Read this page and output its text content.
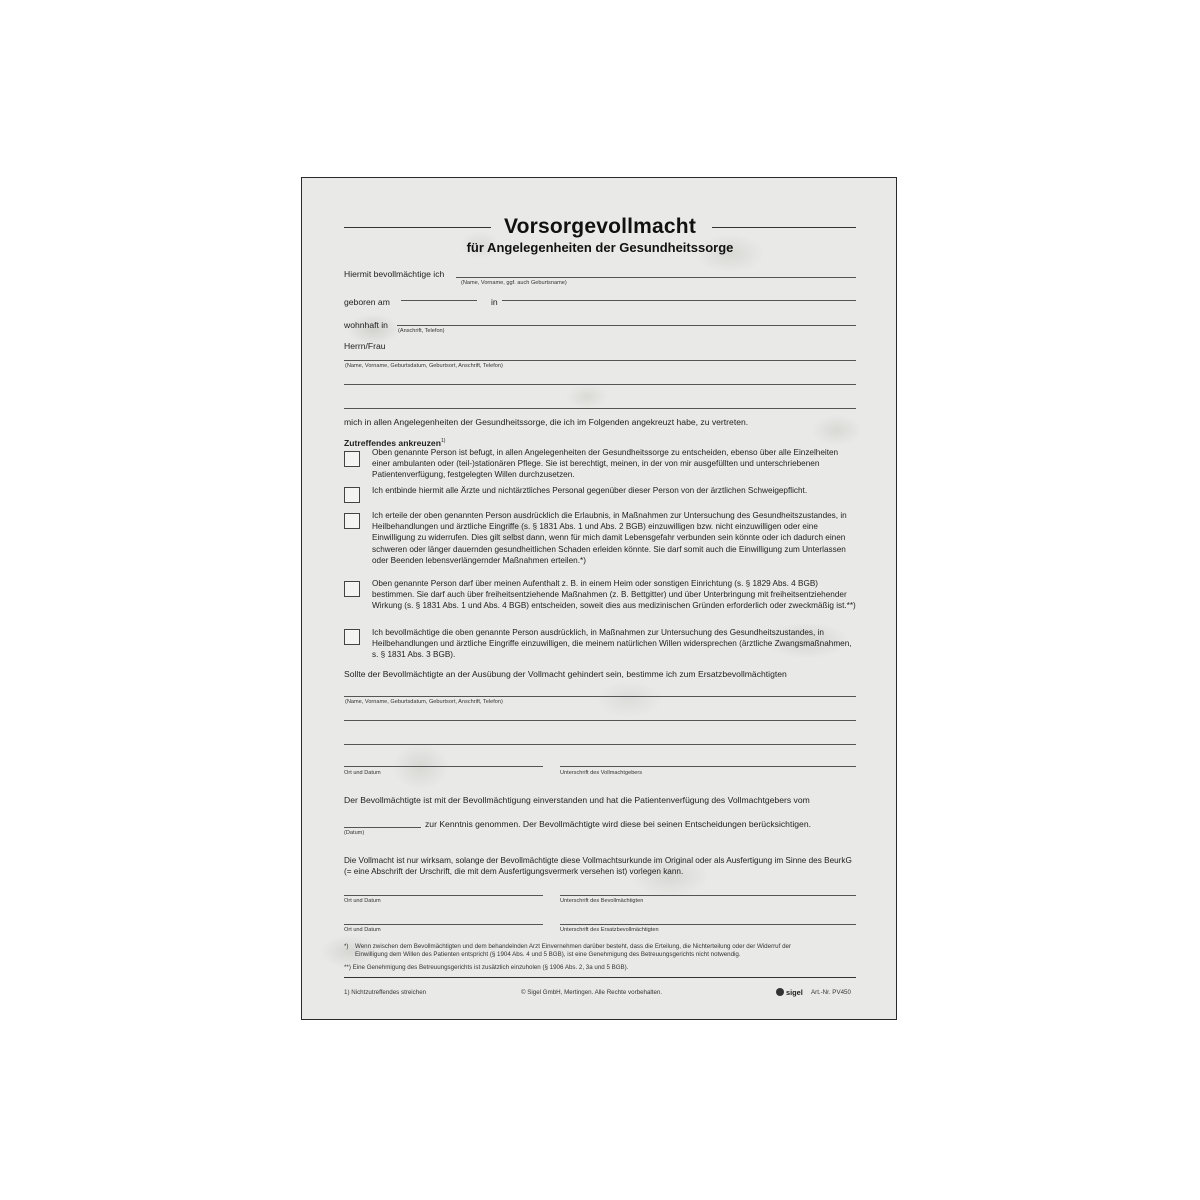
Vorsorgevollmacht
für Angelegenheiten der Gesundheitssorge
Hiermit bevollmächtige ich
(Name, Vorname, ggf. auch Geburtsname)
geboren am	in
wohnhaft in
(Anschrift, Telefon)
Herrn/Frau
(Name, Vorname, Geburtsdatum, Geburtsort, Anschrift, Telefon)
mich in allen Angelegenheiten der Gesundheitssorge, die ich im Folgenden angekreuzt habe, zu vertreten.
Zutreffendes ankreuzen$^{1)}$
Oben genannte Person ist befugt, in allen Angelegenheiten der Gesundheitssorge zu entscheiden, ebenso über alle Einzelheiten einer ambulanten oder (teil-)stationären Pflege. Sie ist berechtigt, meinen, in der von mir ausgefüllten und unterschriebenen Patientenverfügung, festgelegten Willen durchzusetzen.
Ich entbinde hiermit alle Ärzte und nichtärztliches Personal gegenüber dieser Person von der ärztlichen Schweigepflicht.
Ich erteile der oben genannten Person ausdrücklich die Erlaubnis, in Maßnahmen zur Untersuchung des Gesundheitszustandes, in Heilbehandlungen und ärztliche Eingriffe (s. § 1831 Abs. 1 und Abs. 2 BGB) einzuwilligen bzw. nicht einzuwilligen oder eine Einwilligung zu widerrufen. Dies gilt selbst dann, wenn für mich damit Lebensgefahr verbunden sein könnte oder ich dadurch einen schweren oder länger dauernden gesundheitlichen Schaden erleiden könnte. Sie darf somit auch die Einwilligung zum Unterlassen oder Beenden lebensverlängernder Maßnahmen erteilen.*)
Oben genannte Person darf über meinen Aufenthalt z. B. in einem Heim oder sonstigen Einrichtung (s. § 1829 Abs. 4 BGB) bestimmen. Sie darf auch über freiheitsentziehende Maßnahmen (z. B. Bettgitter) und über Unterbringung mit freiheitsentziehender Wirkung (s. § 1831 Abs. 1 und Abs. 4 BGB) entscheiden, soweit dies aus medizinischen Gründen erforderlich oder zweckmäßig ist.**)
Ich bevollmächtige die oben genannte Person ausdrücklich, in Maßnahmen zur Untersuchung des Gesundheitszustandes, in Heilbehandlungen und ärztliche Eingriffe einzuwilligen, die meinem natürlichen Willen widersprechen (ärztliche Zwangsmaßnahmen, s. § 1831 Abs. 3 BGB).
Sollte der Bevollmächtigte an der Ausübung der Vollmacht gehindert sein, bestimme ich zum Ersatzbevollmächtigten
(Name, Vorname, Geburtsdatum, Geburtsort, Anschrift, Telefon)
Ort und Datum	Unterschrift des Vollmachtgebers
Der Bevollmächtigte ist mit der Bevollmächtigung einverstanden und hat die Patientenverfügung des Vollmachtgebers vom
(Datum)
zur Kenntnis genommen. Der Bevollmächtigte wird diese bei seinen Entscheidungen berücksichtigen.
Die Vollmacht ist nur wirksam, solange der Bevollmächtigte diese Vollmachtsurkunde im Original oder als Ausfertigung im Sinne des BeurkG (= eine Abschrift der Urschrift, die mit dem Ausfertigungsvermerk versehen ist) vorlegen kann.
Ort und Datum	Unterschrift des Bevollmächtigten
Ort und Datum	Unterschrift des Ersatzbevollmächtigten
*)	Wenn zwischen dem Bevollmächtigten und dem behandelnden Arzt Einvernehmen darüber besteht, dass die Erteilung, die Nichterteilung oder der Widerruf der Einwilligung dem Willen des Patienten entspricht (§ 1904 Abs. 4 und 5 BGB), ist eine Genehmigung des Betreuungsgerichts nicht notwendig.
**) Eine Genehmigung des Betreuungsgerichts ist zusätzlich einzuholen (§ 1906 Abs. 2, 3a und 5 BGB).
1) Nichtzutreffendes streichen	© Sigel GmbH, Mertingen. Alle Rechte vorbehalten.	sigel Art.-Nr. PV450
